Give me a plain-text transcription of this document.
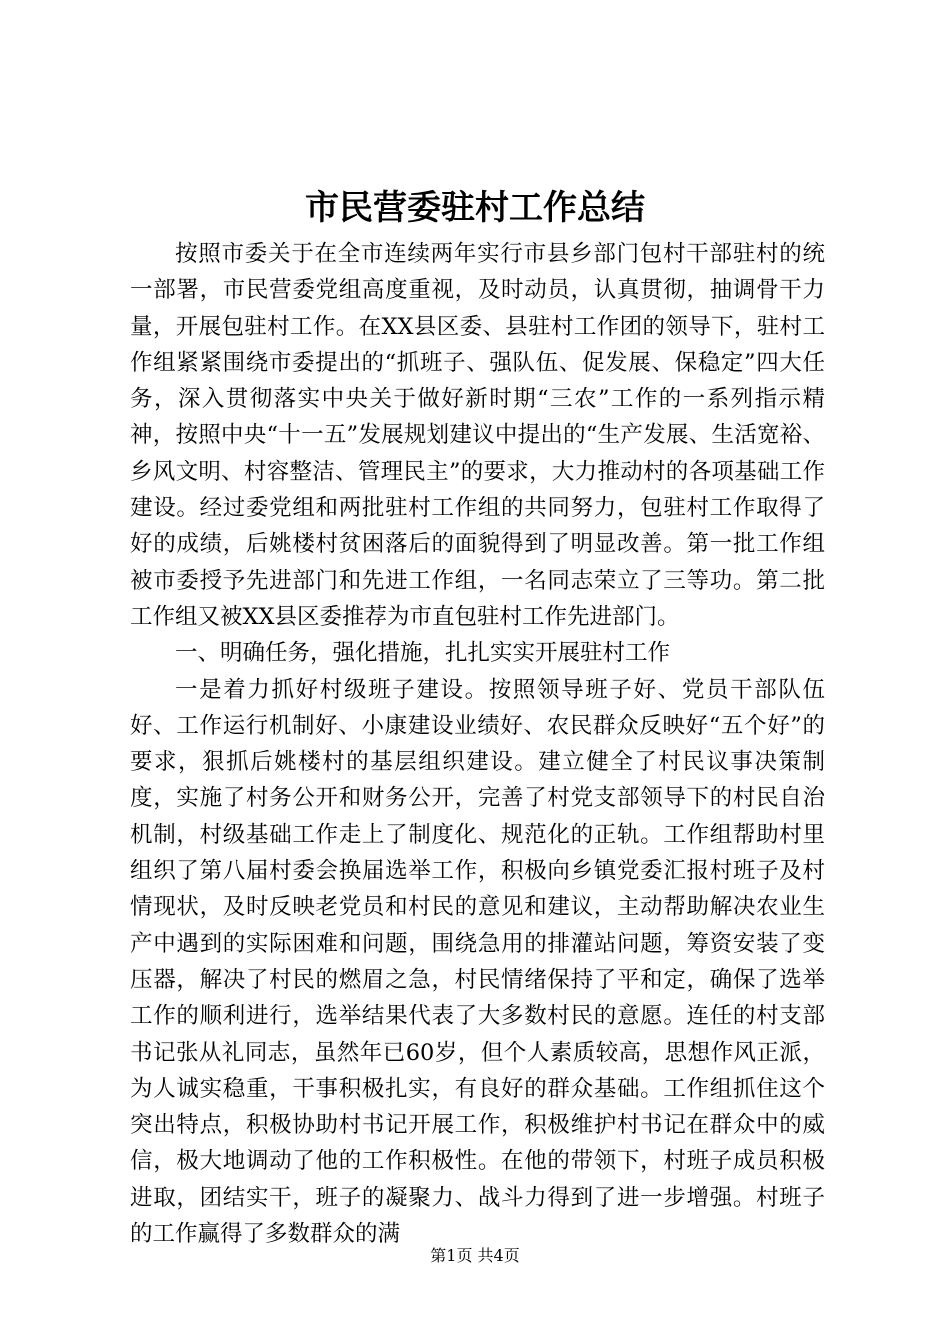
市民营委驻村工作总结

按照市委关于在全市连续两年实行市县乡部门包村干部驻村的统一部署，市民营委党组高度重视，及时动员，认真贯彻，抽调骨干力量，开展包驻村工作。在XX县区委、县驻村工作团的领导下，驻村工作组紧紧围绕市委提出的“抓班子、强队伍、促发展、保稳定”四大任务，深入贯彻落实中央关于做好新时期“三农”工作的一系列指示精神，按照中央“十一五”发展规划建议中提出的“生产发展、生活宽裕、乡风文明、村容整洁、管理民主”的要求，大力推动村的各项基础工作建设。经过委党组和两批驻村工作组的共同努力，包驻村工作取得了好的成绩，后姚楼村贫困落后的面貌得到了明显改善。第一批工作组被市委授予先进部门和先进工作组，一名同志荣立了三等功。第二批工作组又被XX县区委推荐为市直包驻村工作先进部门。

一、明确任务，强化措施，扎扎实实开展驻村工作

一是着力抓好村级班子建设。按照领导班子好、党员干部队伍好、工作运行机制好、小康建设业绩好、农民群众反映好“五个好”的要求，狠抓后姚楼村的基层组织建设。建立健全了村民议事决策制度，实施了村务公开和财务公开，完善了村党支部领导下的村民自治机制，村级基础工作走上了制度化、规范化的正轨。工作组帮助村里组织了第八届村委会换届选举工作，积极向乡镇党委汇报村班子及村情现状，及时反映老党员和村民的意见和建议，主动帮助解决农业生产中遇到的实际困难和问题，围绕急用的排灌站问题，筹资安装了变压器，解决了村民的燃眉之急，村民情绪保持了平和定，确保了选举工作的顺利进行，选举结果代表了大多数村民的意愿。连任的村支部书记张从礼同志，虽然年已60岁，但个人素质较高，思想作风正派，为人诚实稳重，干事积极扎实，有良好的群众基础。工作组抓住这个突出特点，积极协助村书记开展工作，积极维护村书记在群众中的威信，极大地调动了他的工作积极性。在他的带领下，村班子成员积极进取，团结实干，班子的凝聚力、战斗力得到了进一步增强。村班子的工作赢得了多数群众的满

第1页 共4页
